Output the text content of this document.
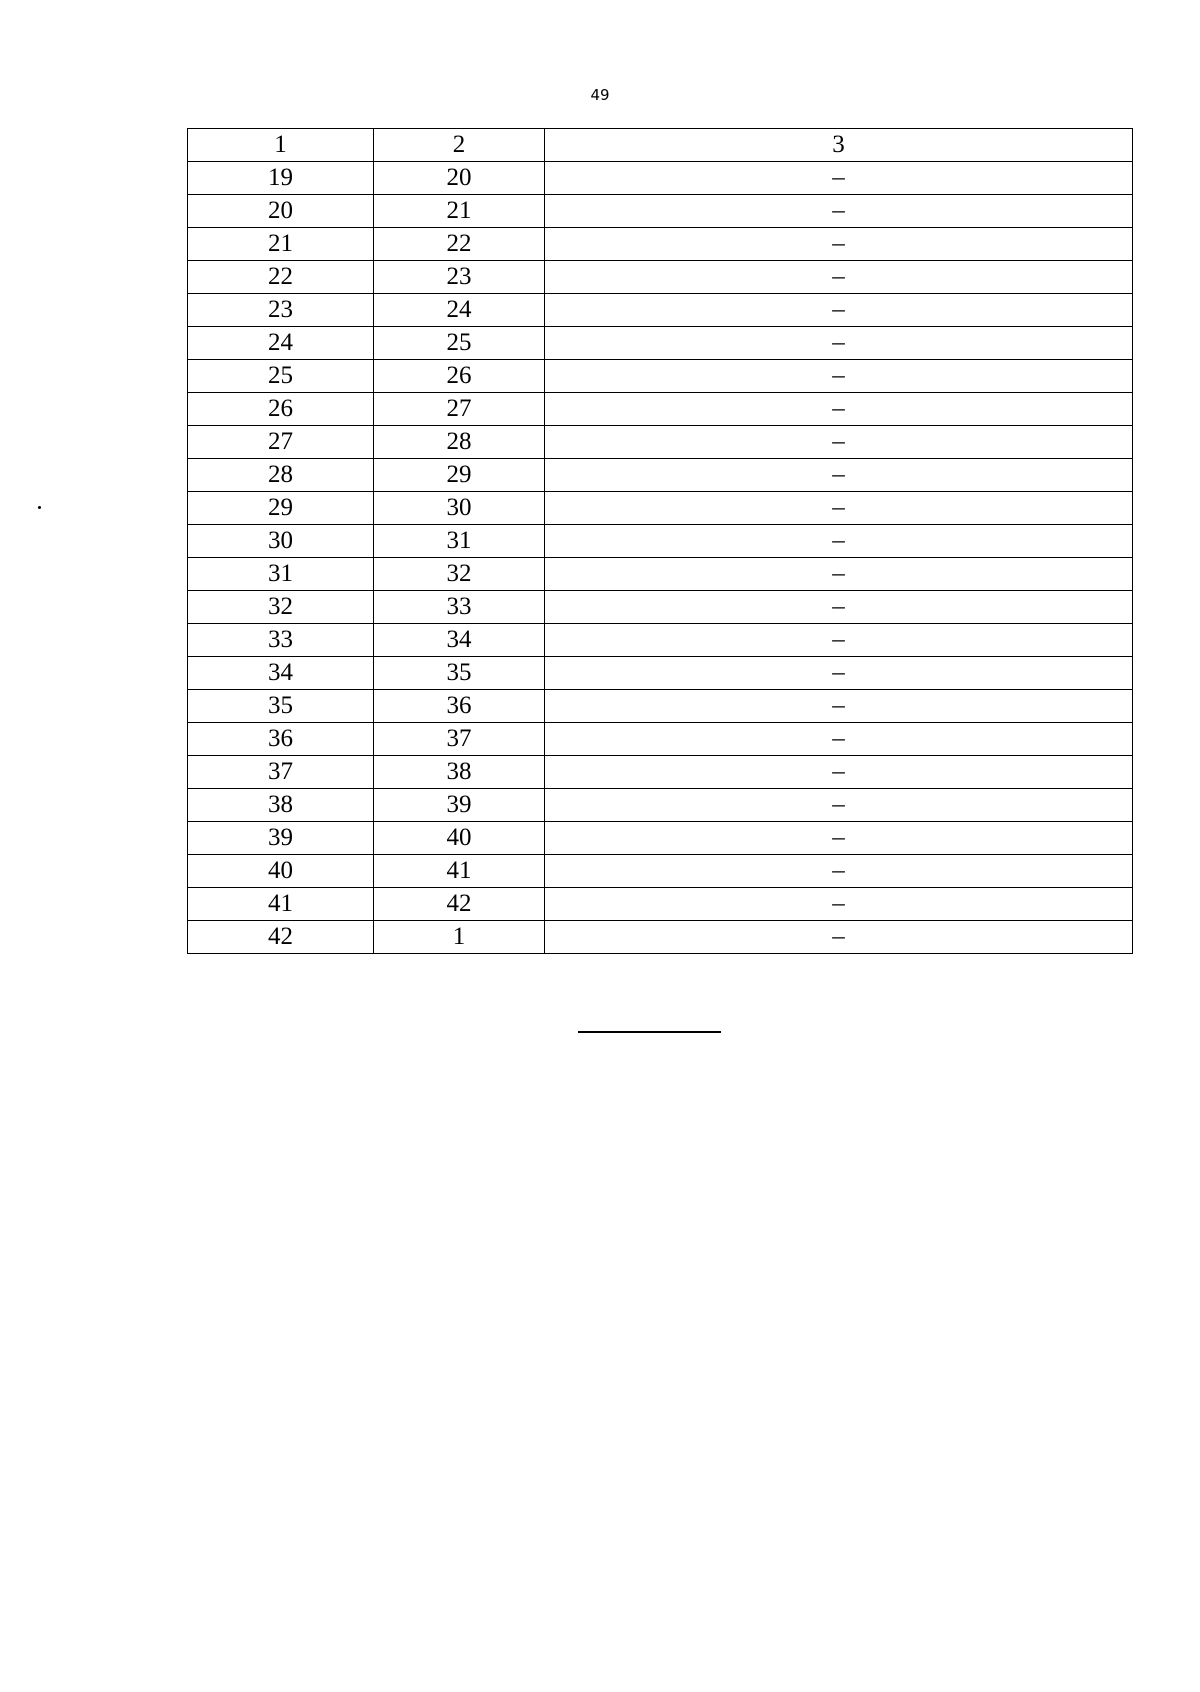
49
1	2	3
19	20	–
20	21	–
21	22	–
22	23	–
23	24	–
24	25	–
25	26	–
26	27	–
27	28	–
28	29	–
29	30	–
30	31	–
31	32	–
32	33	–
33	34	–
34	35	–
35	36	–
36	37	–
37	38	–
38	39	–
39	40	–
40	41	–
41	42	–
42	1	–
